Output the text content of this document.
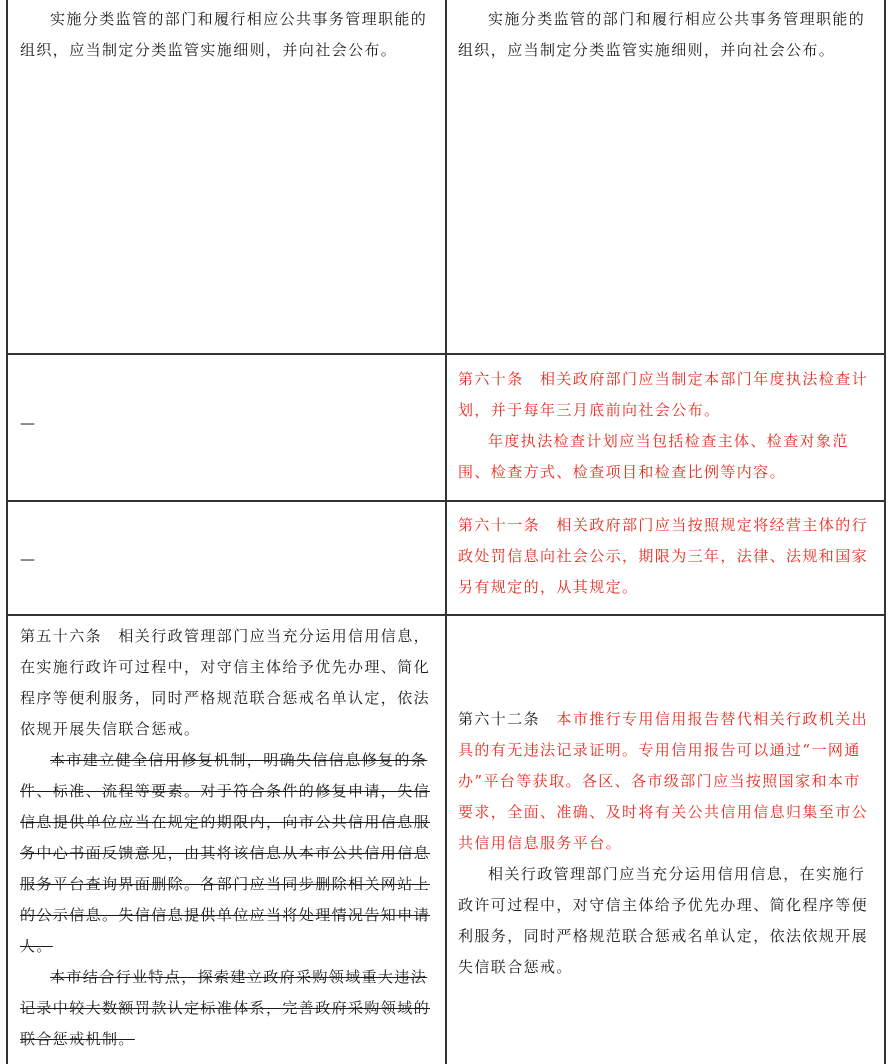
实施分类监管的部门和履行相应公共事务管理职能的组织，应当制定分类监管实施细则，并向社会公布。

实施分类监管的部门和履行相应公共事务管理职能的组织，应当制定分类监管实施细则，并向社会公布。

—

第六十条　相关政府部门应当制定本部门年度执法检查计划，并于每年三月底前向社会公布。

年度执法检查计划应当包括检查主体、检查对象范围、检查方式、检查项目和检查比例等内容。

—

第六十一条　相关政府部门应当按照规定将经营主体的行政处罚信息向社会公示，期限为三年，法律、法规和国家另有规定的，从其规定。

第五十六条　相关行政管理部门应当充分运用信用信息，在实施行政许可过程中，对守信主体给予优先办理、简化程序等便利服务，同时严格规范联合惩戒名单认定，依法依规开展失信联合惩戒。

本市建立健全信用修复机制，明确失信信息修复的条件、标准、流程等要素。对于符合条件的修复申请，失信信息提供单位应当在规定的期限内，向市公共信用信息服务中心书面反馈意见，由其将该信息从本市公共信用信息服务平台查询界面删除。各部门应当同步删除相关网站上的公示信息。失信信息提供单位应当将处理情况告知申请人。

本市结合行业特点，探索建立政府采购领域重大违法记录中较大数额罚款认定标准体系，完善政府采购领域的联合惩戒机制。

第六十二条　 本市推行专用信用报告替代相关行政机关出具的有无违法记录证明。专用信用报告可以通过“一网通办”平台等获取。各区、各市级部门应当按照国家和本市要求，全面、准确、及时将有关公共信用信息归集至市公共信用信息服务平台。

相关行政管理部门应当充分运用信用信息，在实施行政许可过程中，对守信主体给予优先办理、简化程序等便利服务，同时严格规范联合惩戒名单认定，依法依规开展失信联合惩戒。
